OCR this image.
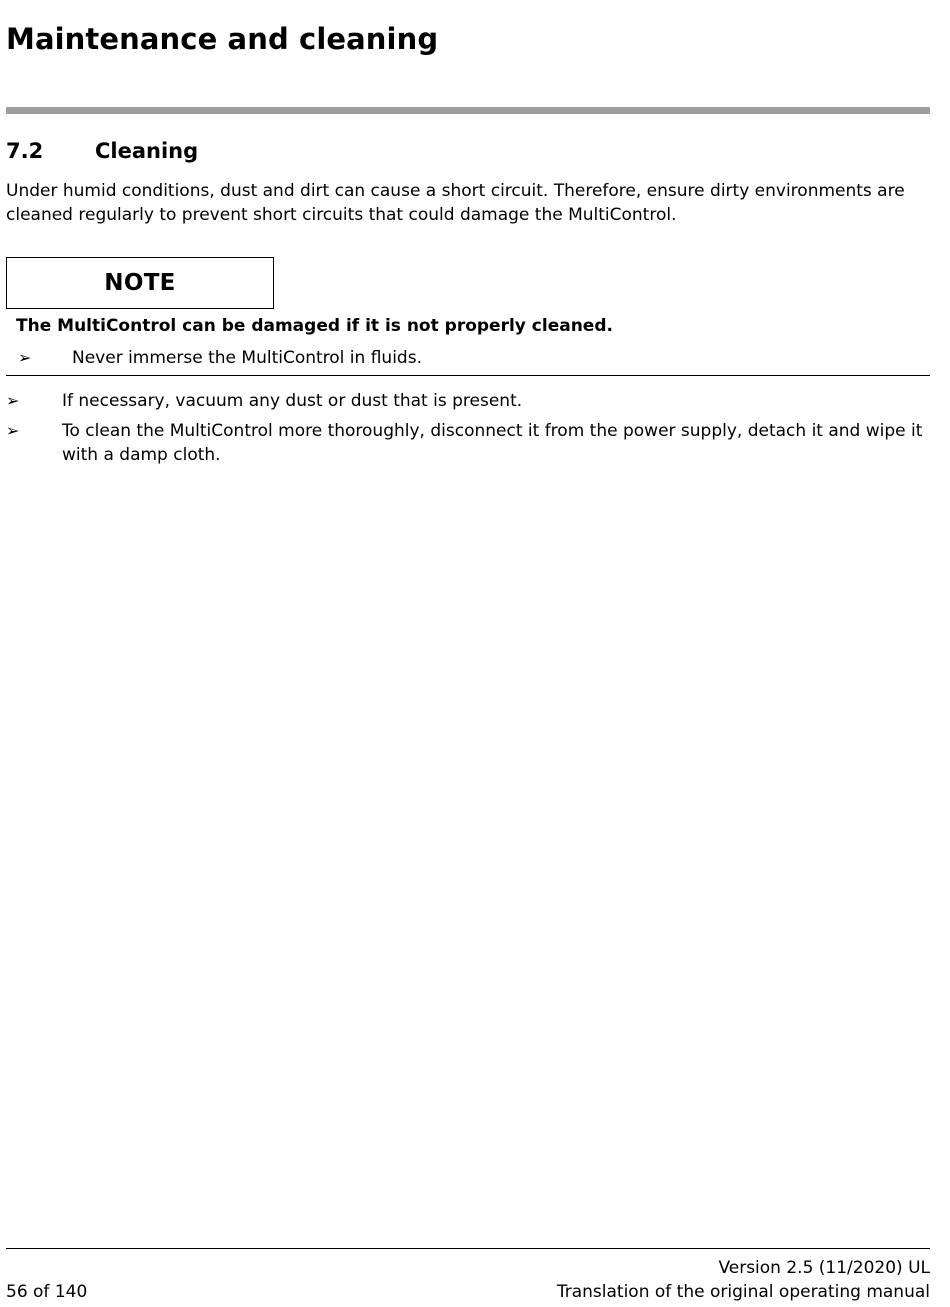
Maintenance and cleaning
7.2 Cleaning

Under humid conditions, dust and dirt can cause a short circuit. Therefore, ensure dirty environments are cleaned regularly to prevent short circuits that could damage the MultiControl.

NOTE

The MultiControl can be damaged if it is not properly cleaned.

➢ Never immerse the MultiControl in fluids.
➢	If necessary, vacuum any dust or dust that is present.
➢	To clean the MultiControl more thoroughly, disconnect it from the power supply, detach it and wipe it with a damp cloth.
Version 2.5 (11/2020) UL
56 of 140	Translation of the original operating manual
